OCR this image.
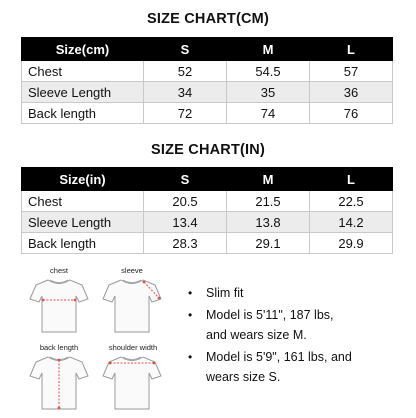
SIZE CHART(CM)
Size(cm)	S	M	L
Chest	52	54.5	57
Sleeve Length	34	35	36
Back length	72	74	76
SIZE CHART(IN)
Size(in)	S	M	L
Chest	20.5	21.5	22.5
Sleeve Length	13.4	13.8	14.2
Back length	28.3	29.1	29.9
chest	sleeve
back length	shoulder width
• Slim fit
• Model is 5'11", 187 lbs,
and wears size M.
• Model is 5'9", 161 lbs, and
wears size S.
